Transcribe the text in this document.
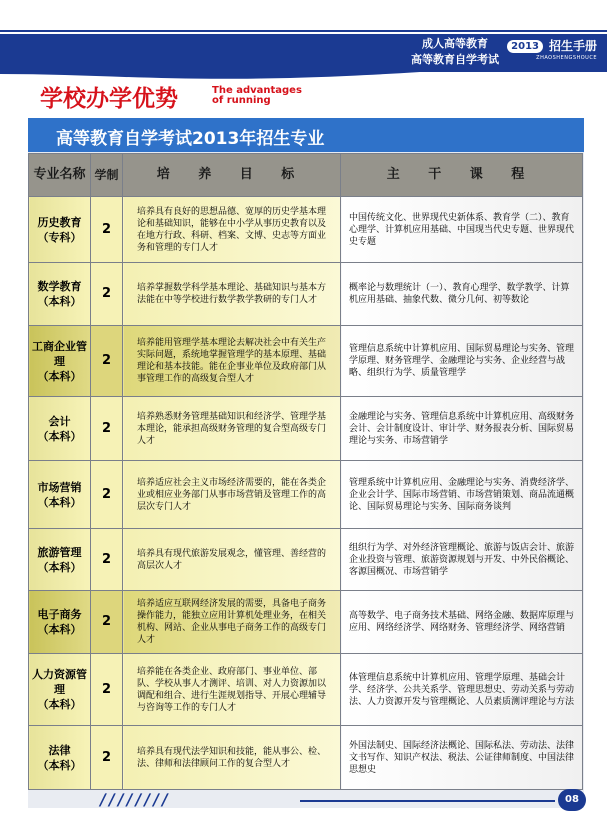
成人高等教育
高等教育自学考试
2013 招生手册
ZHAOSHENGSHOUCE
学校办学优势	The advantages
of running
高等教育自学考试2013年招生专业
专业名称	学制	培 养 目 标	主 干 课 程

历史教育
（专科）	2	培养具有良好的思想品德、宽厚的历史学基本理论和基础知识，能够在中小学从事历史教育以及在地方行政、科研、档案、文博、史志等方面业务和管理的专门人才	中国传统文化、世界现代史新体系、教育学（二）、教育心理学、计算机应用基础、中国现当代史专题、世界现代史专题

数学教育
（本科）	2	培养掌握数学科学基本理论、基础知识与基本方法能在中等学校进行数学教学教研的专门人才	概率论与数理统计（一）、教育心理学、数学教学、计算机应用基础、抽象代数、微分几何、初等数论

工商企业管理
（本科）	2	培养能用管理学基本理论去解决社会中有关生产实际问题，系统地掌握管理学的基本原理、基础理论和基本技能。能在企事业单位及政府部门从事管理工作的高级复合型人才	管理信息系统中计算机应用、国际贸易理论与实务、管理学原理、财务管理学、金融理论与实务、企业经营与战略、组织行为学、质量管理学

会计
（本科）	2	培养熟悉财务管理基础知识和经济学、管理学基本理论，能承担高级财务管理的复合型高级专门人才	金融理论与实务、管理信息系统中计算机应用、高级财务会计、会计制度设计、审计学、财务报表分析、国际贸易理论与实务、市场营销学

市场营销
（本科）	2	培养适应社会主义市场经济需要的，能在各类企业或相应业务部门从事市场营销及管理工作的高层次专门人才	管理系统中计算机应用、金融理论与实务、消费经济学、企业会计学、国际市场营销、市场营销策划、商品流通概论、国际贸易理论与实务、国际商务谈判

旅游管理
（本科）	2	培养具有现代旅游发展观念，懂管理、善经营的高层次人才	组织行为学、对外经济管理概论、旅游与饭店会计、旅游企业投资与管理、旅游资源规划与开发、中外民俗概论、客源国概况、市场营销学

电子商务
（本科）	2	培养适应互联网经济发展的需要，具备电子商务操作能力，能独立应用计算机处理业务，在相关机构、网站、企业从事电子商务工作的高级专门人才	高等数学、电子商务技术基础、网络金融、数据库原理与应用、网络经济学、网络财务、管理经济学、网络营销

人力资源管理
（本科）	2	培养能在各类企业、政府部门、事业单位、部队、学校从事人才测评、培训、对人力资源加以调配和组合、进行生涯规划指导、开展心理辅导与咨询等工作的专门人才	体管理信息系统中计算机应用、管理学原理、基础会计学、经济学、公共关系学、管理思想史、劳动关系与劳动法、人力资源开发与管理概论、人员素质测评理论与方法

法律
（本科）	2	培养具有现代法学知识和技能，能从事公、检、法、律师和法律顾问工作的复合型人才	外国法制史、国际经济法概论、国际私法、劳动法、法律文书写作、知识产权法、税法、公证律师制度、中国法律思想史
////////	08
